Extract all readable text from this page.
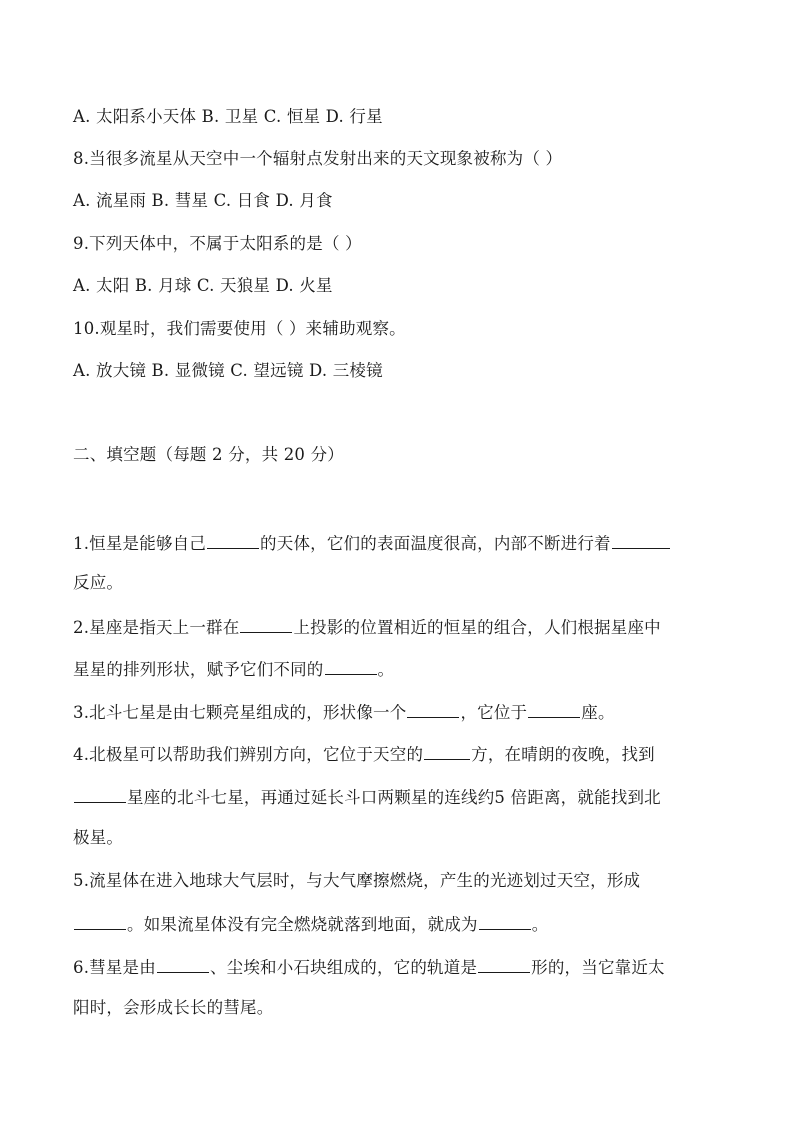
A. 太阳系小天体 B. 卫星 C. 恒星 D. 行星
8.当很多流星从天空中一个辐射点发射出来的天文现象被称为（ ）
A. 流星雨 B. 彗星 C. 日食 D. 月食
9.下列天体中，不属于太阳系的是（ ）
A. 太阳 B. 月球 C. 天狼星 D. 火星
10.观星时，我们需要使用（ ）来辅助观察。
A. 放大镜 B. 显微镜 C. 望远镜 D. 三棱镜
二、填空题（每题 2 分，共 20 分）
1.恒星是能够自己	的天体，它们的表面温度很高，内部不断进行着
反应。
2.星座是指天上一群在	上投影的位置相近的恒星的组合，人们根据星座中
星星的排列形状，赋予它们不同的	。
3.北斗七星是由七颗亮星组成的，形状像一个	，它位于	座。
4.北极星可以帮助我们辨别方向，它位于天空的	方，在晴朗的夜晚，找到
星座的北斗七星，再通过延长斗口两颗星的连线约5 倍距离，就能找到北
极星。
5.流星体在进入地球大气层时，与大气摩擦燃烧，产生的光迹划过天空，形成
。如果流星体没有完全燃烧就落到地面，就成为	。
6.彗星是由	、尘埃和小石块组成的，它的轨道是	形的，当它靠近太
阳时，会形成长长的彗尾。
